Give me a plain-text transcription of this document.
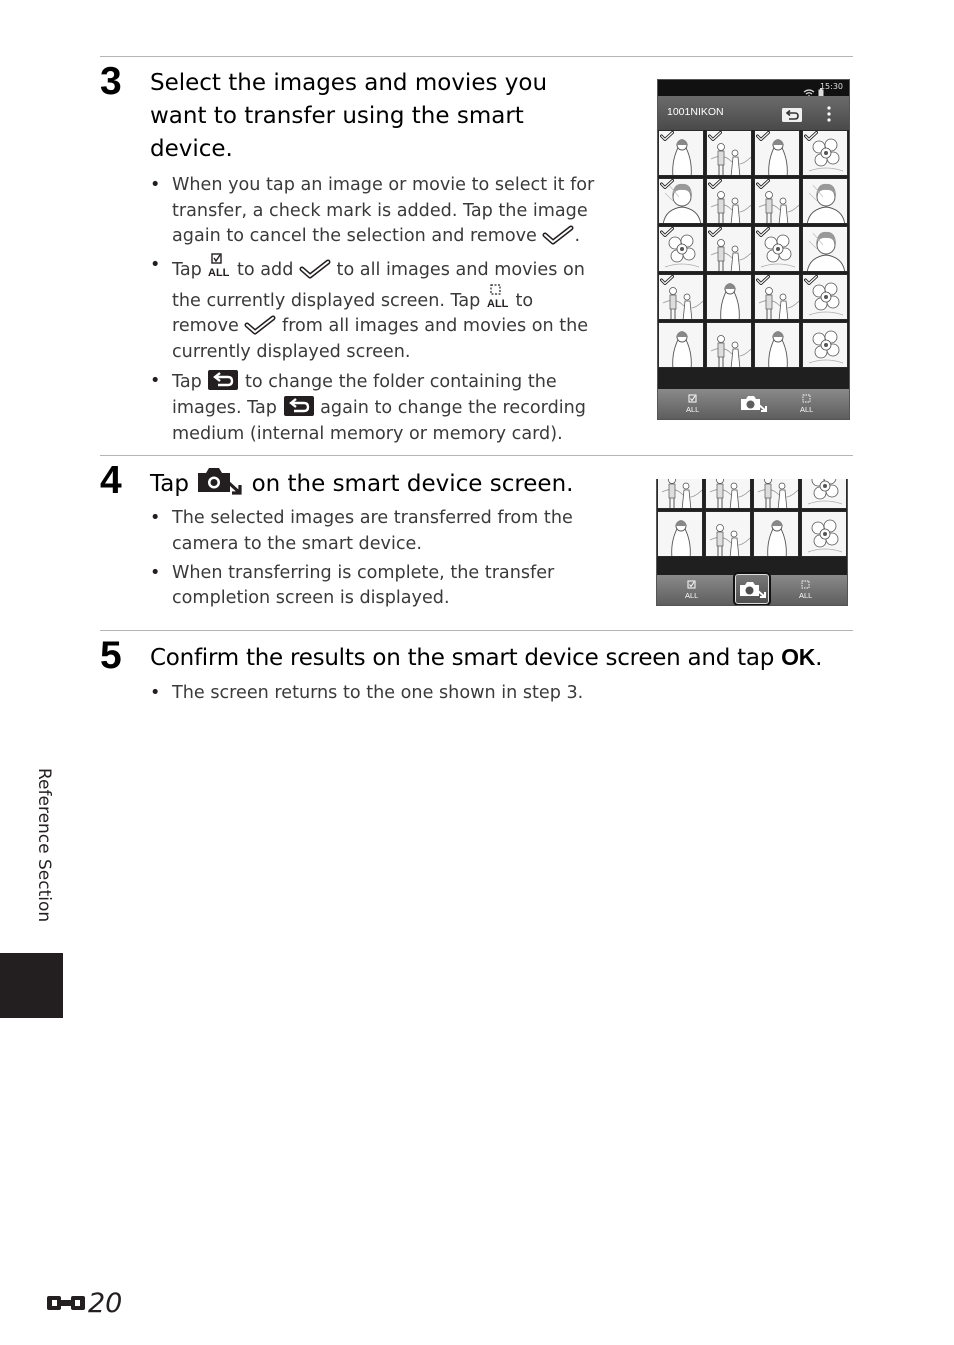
3 Select the images and movies you want to transfer using the smart device.
• When you tap an image or movie to select it for transfer, a check mark is added. Tap the image again to cancel the selection and remove .
• Tap ALL to add to all images and movies on the currently displayed screen. Tap ALL to remove from all images and movies on the currently displayed screen.
• Tap to change the folder containing the images. Tap again to change the recording medium (internal memory or memory card).
15:30
1001NIKON
ALL	ALL
4 Tap	on the smart device screen.
• The selected images are transferred from the camera to the smart device.
• When transferring is complete, the transfer completion screen is displayed.	ALL	ALL
5 Confirm the results on the smart device screen and tap OK.
• The screen returns to the one shown in step 3.
Reference Section
20
